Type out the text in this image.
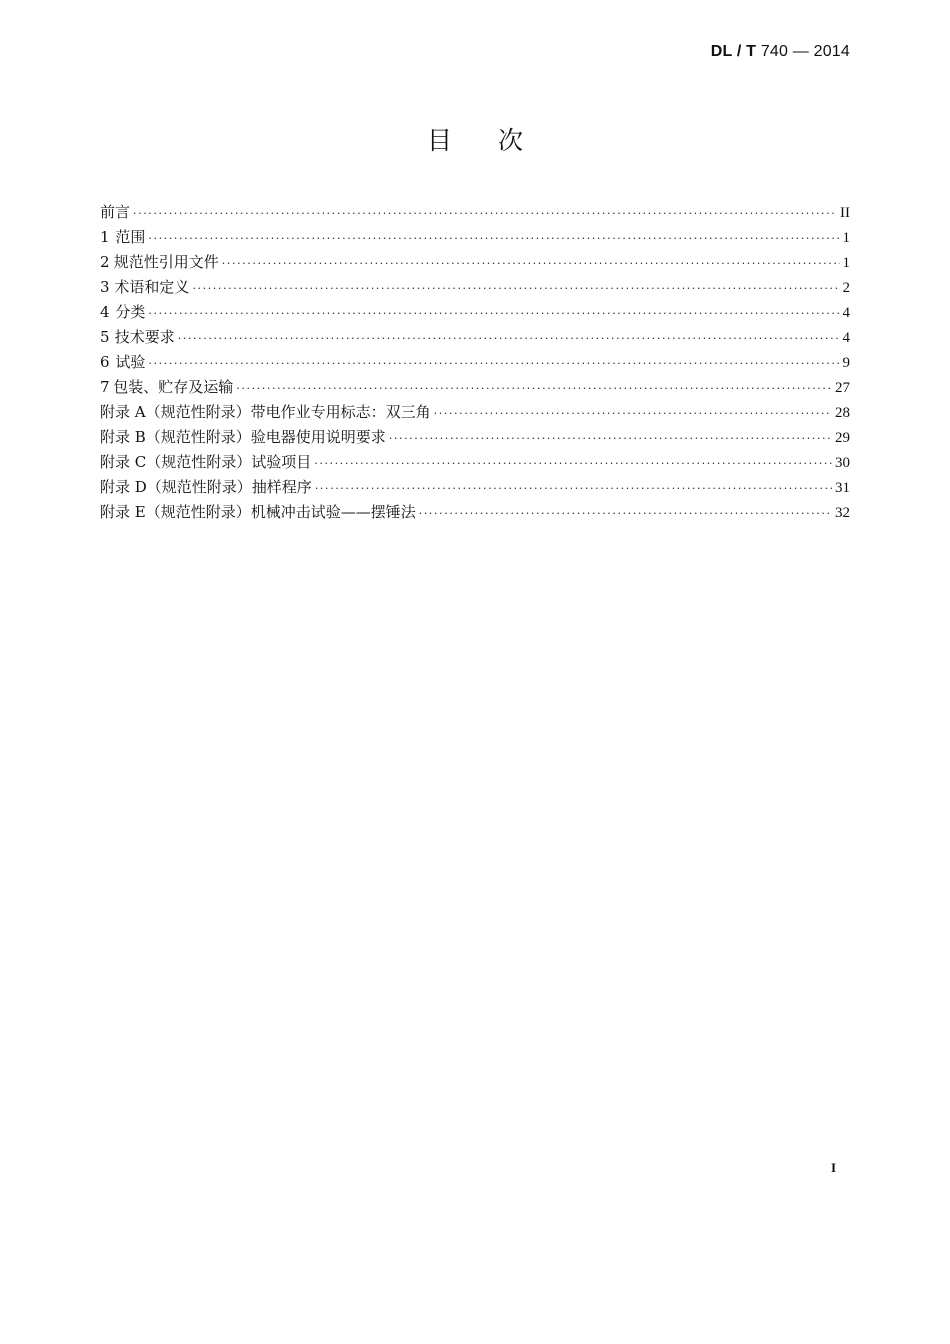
DL / T 740 — 2014
目次
前言 ·····	II
1 范围 ·····	1
2 规范性引用文件 ·····	1
3 术语和定义 ·····	2
4 分类 ·····	4
5 技术要求 ·····	4
6 试验 ·····	9
7 包装、贮存及运输 ·····	27
附录 A（规范性附录） 带电作业专用标志：双三角 ·····	28
附录 B（规范性附录） 验电器使用说明要求 ·····	29
附录 C（规范性附录） 试验项目 ·····	30
附录 D（规范性附录） 抽样程序 ·····	31
附录 E（规范性附录） 机械冲击试验——摆锤法 ·····	32
I
